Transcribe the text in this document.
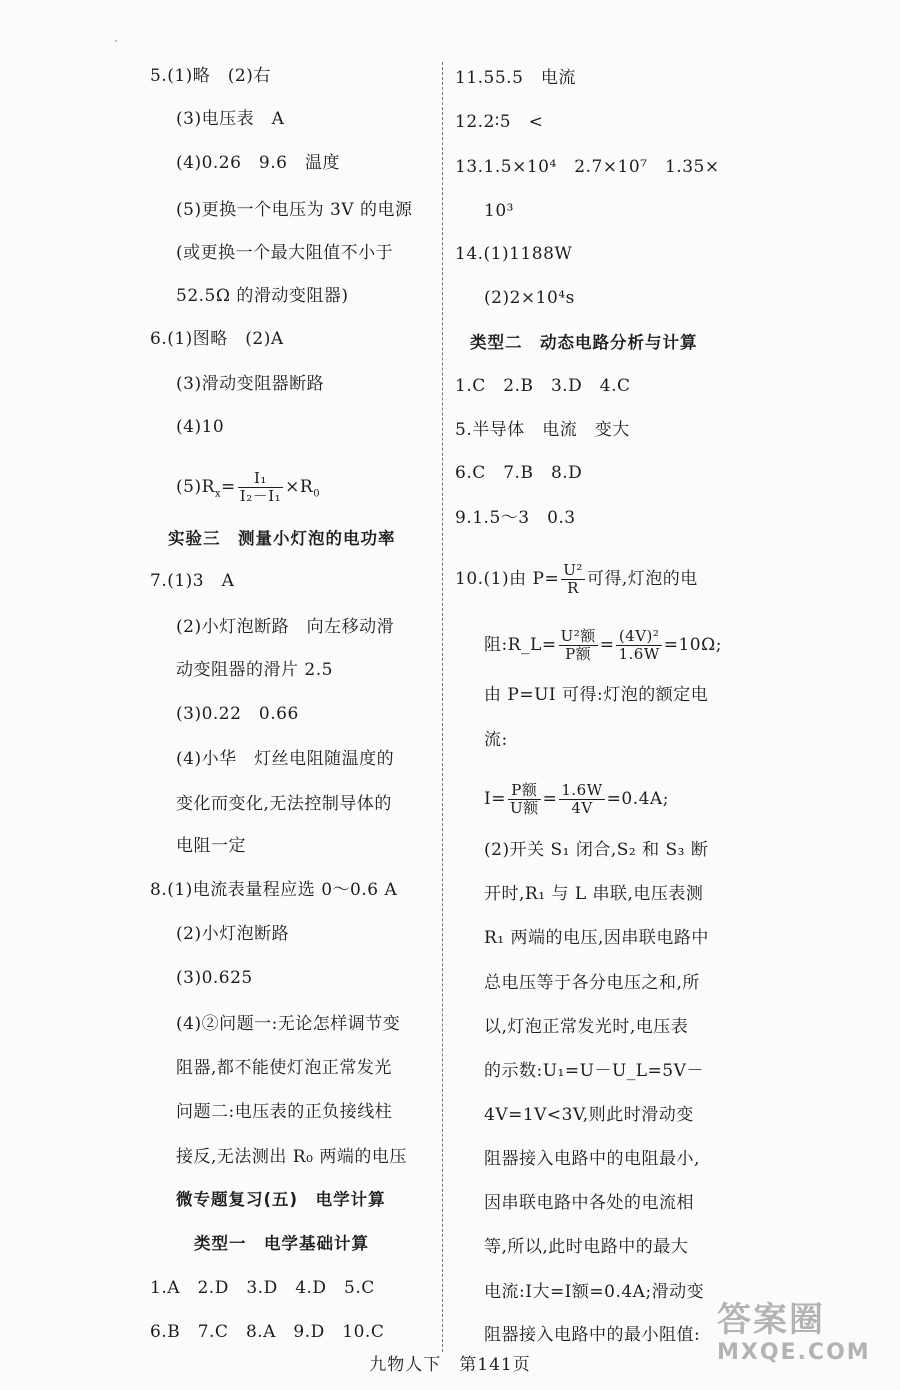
5.(1)略　(2)右
(3)电压表　A
(4)0.26　9.6　温度
(5)更换一个电压为 3V 的电源
(或更换一个最大阻值不小于
52.5Ω 的滑动变阻器)
6.(1)图略　(2)A
(3)滑动变阻器断路
(4)10
实验三　测量小灯泡的电功率
7.(1)3　A
(2)小灯泡断路　向左移动滑
动变阻器的滑片 2.5
(3)0.22　0.66
(4)小华　灯丝电阻随温度的
变化而变化,无法控制导体的
电阻一定
8.(1)电流表量程应选 0～0.6 A
(2)小灯泡断路
(3)0.625
(4)②问题一:无论怎样调节变
阻器,都不能使灯泡正常发光
问题二:电压表的正负接线柱
接反,无法测出 R₀ 两端的电压
微专题复习(五)　电学计算
类型一　电学基础计算
1.A　2.D　3.D　4.D　5.C
6.B　7.C　8.A　9.D　10.C
$(5)R_x= \frac{\text{I₁}}{\text{I₂－I₁}} \times R_0$
11.55.5　电流
12.2∶5　<
13.1.5×10⁴　2.7×10⁷　1.35×
10³
14.(1)1188W
(2)2×10⁴s
类型二　动态电路分析与计算
1.C　2.B　3.D　4.C
5.半导体　电流　变大
6.C　7.B　8.D
9.1.5～3　0.3
由 P=UI 可得:灯泡的额定电
流:
(2)开关 S₁ 闭合,S₂ 和 S₃ 断
开时,R₁ 与 L 串联,电压表测
R₁ 两端的电压,因串联电路中
总电压等于各分电压之和,所
以,灯泡正常发光时,电压表
的示数:U₁=U－U_L=5V－
4V=1V<3V,则此时滑动变
阻器接入电路中的电阻最小,
因串联电路中各处的电流相
等,所以,此时电路中的最大
电流:I大=I额=0.4A;滑动变
阻器接入电路中的最小阻值:
10.(1)由 $P= \frac{\text{U²}}{R}$ 可得,灯泡的电
阻:R_L= $\frac{\text{U²额}}{\text{P额}} = \frac{\text{(4V)²}}{1.6W} =10\Omega$;
$I= \frac{\text{P额}}{\text{U额}} = \frac{1.6W}{4V} =0.4A$;
九物人下　第141页
答案圈
MXQE.COM
